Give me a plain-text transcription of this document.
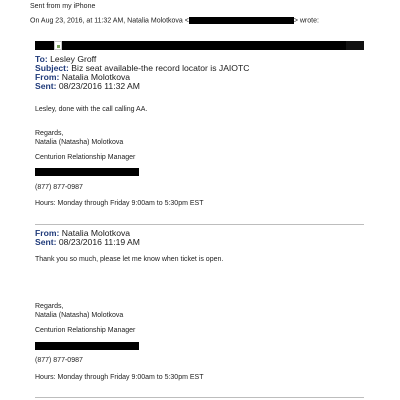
Sent from my iPhone
On Aug 23, 2016, at 11:32 AM, Natalia Molotkova <	> wrote:
To: Lesley Groff
Subject: Biz seat available-the record locator is JAIOTC
From: Natalia Molotkova
Sent: 08/23/2016 11:32 AM
Lesley, done with the call calling AA.
Regards,
Natalia (Natasha) Molotkova
Centurion Relationship Manager
(877) 877-0987
Hours: Monday through Friday 9:00am to 5:30pm EST
From: Natalia Molotkova
Sent: 08/23/2016 11:19 AM
Thank you so much, please let me know when ticket is open.
Regards,
Natalia (Natasha) Molotkova
Centurion Relationship Manager
(877) 877-0987
Hours: Monday through Friday 9:00am to 5:30pm EST
